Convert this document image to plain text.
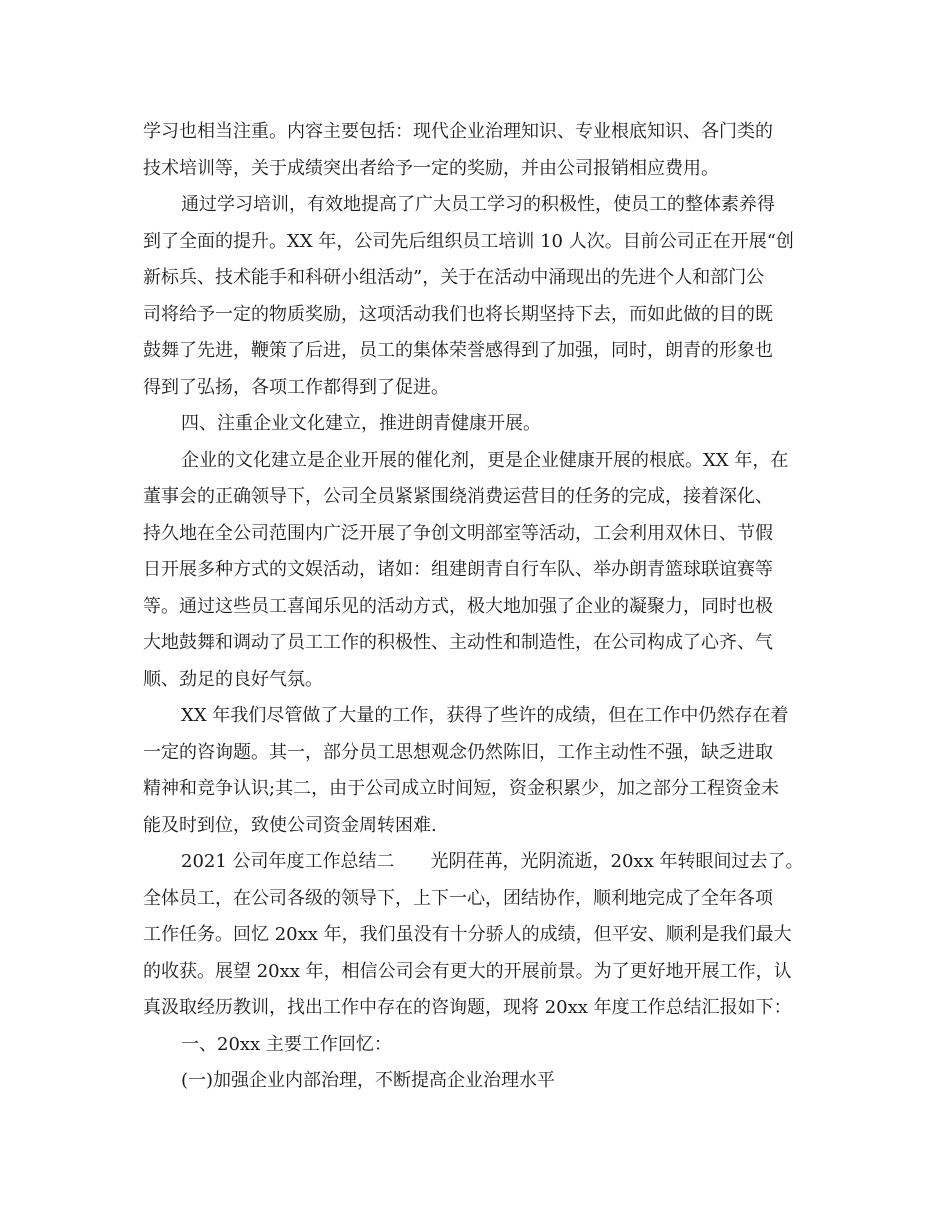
学习也相当注重。内容主要包括：现代企业治理知识、专业根底知识、各门类的
技术培训等，关于成绩突出者给予一定的奖励，并由公司报销相应费用。
通过学习培训，有效地提高了广大员工学习的积极性，使员工的整体素养得
到了全面的提升。XX 年，公司先后组织员工培训 10 人次。目前公司正在开展“创
新标兵、技术能手和科研小组活动”，关于在活动中涌现出的先进个人和部门公
司将给予一定的物质奖励，这项活动我们也将长期坚持下去，而如此做的目的既
鼓舞了先进，鞭策了后进，员工的集体荣誉感得到了加强，同时，朗青的形象也
得到了弘扬，各项工作都得到了促进。
四、注重企业文化建立，推进朗青健康开展。
企业的文化建立是企业开展的催化剂，更是企业健康开展的根底。XX 年，在
董事会的正确领导下，公司全员紧紧围绕消费运营目的任务的完成，接着深化、
持久地在全公司范围内广泛开展了争创文明部室等活动，工会利用双休日、节假
日开展多种方式的文娱活动，诸如：组建朗青自行车队、举办朗青篮球联谊赛等
等。通过这些员工喜闻乐见的活动方式，极大地加强了企业的凝聚力，同时也极
大地鼓舞和调动了员工工作的积极性、主动性和制造性，在公司构成了心齐、气
顺、劲足的良好气氛。
XX 年我们尽管做了大量的工作，获得了些许的成绩，但在工作中仍然存在着
一定的咨询题。其一，部分员工思想观念仍然陈旧，工作主动性不强，缺乏进取
精神和竞争认识;其二，由于公司成立时间短，资金积累少，加之部分工程资金未
能及时到位，致使公司资金周转困难.
2021 公司年度工作总结二　　光阴荏苒，光阴流逝，20xx 年转眼间过去了。
全体员工，在公司各级的领导下，上下一心，团结协作，顺利地完成了全年各项
工作任务。回忆 20xx 年，我们虽没有十分骄人的成绩，但平安、顺利是我们最大
的收获。展望 20xx 年，相信公司会有更大的开展前景。为了更好地开展工作，认
真汲取经历教训，找出工作中存在的咨询题，现将 20xx 年度工作总结汇报如下：
一、20xx 主要工作回忆：
(一)加强企业内部治理，不断提高企业治理水平
